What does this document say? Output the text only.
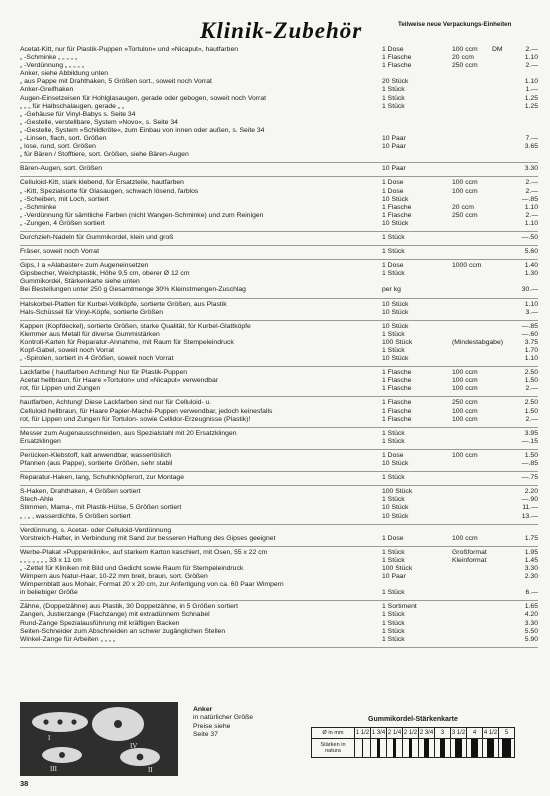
Klinik-Zubehör	Teilweise neue Verpackungs-Einheiten
Acetat-Kitt, nur für Plastik-Puppen »Tortulon« und »Nicaput«, hautfarben	1 Dose	100 ccm	DM	2.—
„ -Schminke „ „ „ „ „	1 Flasche	20 ccm	1.10
„ -Verdünnung „ „ „ „ „	1 Flasche	250 ccm	2.—
Anker, siehe Abbildung unten
„ aus Pappe mit Drahthaken, 5 Größen sort., soweit noch Vorrat	20 Stück	1.10
Anker-Greifhaken	1 Stück	1.—
Augen-Einsetzeisen für Hohlglasaugen, gerade oder gebogen, soweit noch Vorrat	1 Stück	1.25
„ „ „ für Halbschalaugen, gerade „ „	1 Stück	1.25
„ -Gehäuse für Vinyl-Babys s. Seite 34
„ -Gestelle, verstellbare, System »Novo«, s. Seite 34
„ -Gestelle, System »Schildkröte«, zum Einbau von innen oder außen, s. Seite 34
„ -Linsen, flach, sort. Größen	10 Paar	7.—
„ lose, rund, sort. Größen	10 Paar	3.65
„ für Bären / Stofftiere, sort. Größen, siehe Bären-Augen
Bären-Augen, sort. Größen	10 Paar	3.30
Celluloid-Kitt, stark klebend, für Ersatzteile, hautfarben	1 Dose	100 ccm	2.—
„ -Kitt, Spezialsorte für Glasaugen, schwach lösend, farblos	1 Dose	100 ccm	2.—
„ -Scheiben, mit Loch, sortiert	10 Stück	—.85
„ -Schminke	1 Flasche	20 ccm	1.10
„ -Verdünnung für sämtliche Farben (nicht Wangen-Schminke) und zum Reinigen	1 Flasche	250 ccm	2.—
„ -Zungen, 4 Größen sortiert	10 Stück	1.10
Durchzieh-Nadeln für Gummikordel, klein und groß	1 Stück	—.50
Fräser, soweit noch Vorrat	1 Stück	5.60
Gips, I a »Alabaster« zum Augeneinsetzen	1 Dose	1000 ccm	1.40
Gipsbecher, Weichplastik, Höhe 9,5 cm, oberer Ø 12 cm	1 Stück	1.30
Gummikordel, Stärkenkarte siehe unten
Bei Bestellungen unter 250 g Gesamtmenge 30% Kleinstmengen-Zuschlag	per kg	30.—
Halskorbel-Platten für Kurbel-Vollköpfe, sortierte Größen, aus Plastik	10 Stück	1.10
Hals-Schüssel für Vinyl-Köpfe, sortierte Größen	10 Stück	3.—
Kappen (Kopfdeckel), sortierte Größen, starke Qualität, für Kurbel-Glattköpfe	10 Stück	—.85
Klemmer aus Metall für diverse Gummistärken	1 Stück	—.60
Kontroll-Karten für Reparatur-Annahme, mit Raum für Stempeleindruck	100 Stück	(Mindestabgabe)	3.75
Kopf-Gabel, soweit noch Vorrat	1 Stück	1.70
„ -Spirolen, sortiert in 4 Größen, soweit noch Vorrat	10 Stück	1.10
Lackfarbe { hautfarben Achtung! Nur für Plastik-Puppen	1 Flasche	100 ccm	2.50
Acetat hellbraun, für Haare »Tortulon« und »Nicaput« verwendbar	1 Flasche	100 ccm	1.50
rot, für Lippen und Zungen	1 Flasche	100 ccm	2.—
hautfarben, Achtung! Diese Lackfarben sind nur für Celluloid- u.	1 Flasche	250 ccm	2.50
Celluloid hellbraun, für Haare Papier-Maché-Puppen verwendbar, jedoch keinesfalls	1 Flasche	100 ccm	1.50
rot, für Lippen und Zungen für Tortulon- sowie Cellidor-Erzeugnisse (Plastik)!	1 Flasche	100 ccm	2.—
Messer zum Augenausschneiden, aus Spezialstahl mit 20 Ersatzklingen	1 Stück	3.95
Ersatzklingen	1 Stück	—.15
Perücken-Klebstoff, kalt anwendbar, wasserlöslich	1 Dose	100 ccm	1.50
Pfannen (aus Pappe), sortierte Größen, sehr stabil	10 Stück	—.85
Reparatur-Haken, lang, Schuhknöpferort, zur Montage	1 Stück	—.75
S-Haken, Drahthaken, 4 Größen sortiert	100 Stück	2.20
Stech-Ahle	1 Stück	—.90
Stimmen, Mama-, mit Plastik-Hülse, 5 Größen sortiert	10 Stück	11.—
„ , „ , wasserdichte, 5 Größen sortiert	10 Stück	13.—
Verdünnung, s. Acetat- oder Celluloid-Verdünnung
Vorstreich-Hafter, in Verbindung mit Sand zur besseren Haftung des Gipses geeignet	1 Dose	100 ccm	1.75
Werbe-Plakat »Puppenklinik«, auf starkem Karton kaschiert, mit Ösen, 55 x 22 cm	1 Stück	Großformat	1.95
„ „ „ „ „ „ „ 33 x 11 cm	1 Stück	Kleinformat	1.45
„ -Zettel für Kliniken mit Bild und Gedicht sowie Raum für Stempeleindruck	100 Stück	3.30
Wimpern aus Natur-Haar, 10-22 mm breit, braun, sort. Größen	10 Paar	2.30
Wimpernblatt aus Mohair, Format 20 x 20 cm, zur Anfertigung von ca. 60 Paar Wimpern
in beliebiger Größe	1 Stück	6.—
Zähne, (Doppelzähne) aus Plastik, 30 Doppelzähne, in 5 Größen sortiert	1 Sortiment	1.65
Zangen, Justierzange (Flachzange) mit extradünnem Schnabel	1 Stück	4.20
Rund-Zange Spezialausführung mit kräftigen Backen	1 Stück	3.30
Seiten-Schneider zum Abschneiden an schwer zugänglichen Stellen	1 Stück	5.50
Winkel-Zange für Arbeiten „ „ „ „	1 Stück	5.90
I
IV
III	II
Anker
in natürlicher Größe
Preise siehe
Seite 37
Gummikordel-Stärkenkarte
Ø in mm	1 1/2	1 3/4	2 1/4	2 1/2	2 3/4	3	3 1/2	4	4 1/2	5
Stärken in natura										
38
